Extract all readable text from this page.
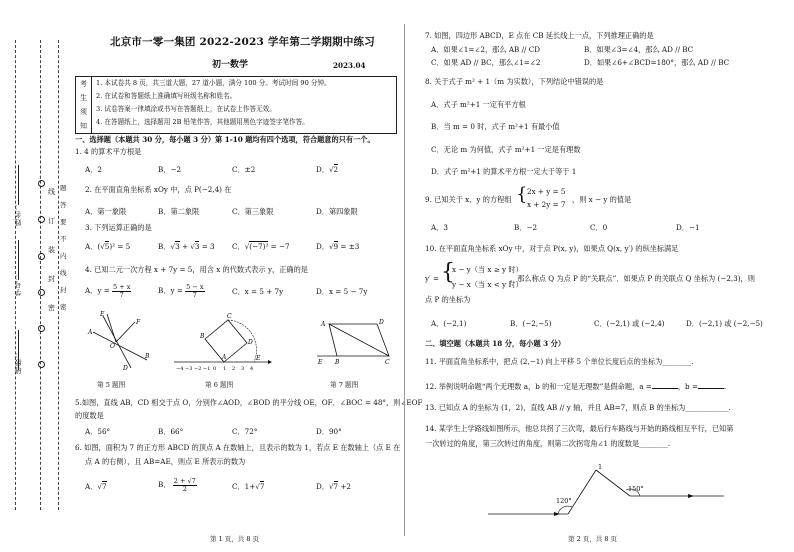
班级：
学号：
姓名：
线
订
装
封
密
题
答
要
不
内
线
封
密
北京市一零一集团 2022-2023 学年第二学期期中练习
初一数学	2023.04
考
生
须
知
1. 本试卷共 8 页，共三道大题，27 道小题，满分 100 分。考试时间 90 分钟。
2. 在试卷和答题纸上准确填写班级名称和姓名。
3. 试卷答案一律填涂或书写在答题纸上，在试卷上作答无效。
4. 在答题纸上，选择题用 2B 铅笔作答，其他题用黑色字迹签字笔作答。
一、选择题（本题共 30 分，每小题 3 分）第 1-10 题均有四个选项，符合题意的只有一个。
1. 4 的算术平方根是
A．2	B．−2	C．±2	D．√2
2. 在平面直角坐标系 xOy 中，点 P(−2,4) 在
A．第一象限	B．第二象限	C．第三象限	D．第四象限
3. 下列运算正确的是
A．(√5)² = 5	B．√3 + √3 = 3 C．√(−7)² = −7	D．√9 = ±3
4. 已知二元一次方程 x + 7y = 5，用含 x 的代数式表示 y，正确的是
A．$y = \frac{5 + x}{7}$	B．$y = \frac{5 - x}{7}$	C．x = 5 + 7y	D．x = 5 − 7y
E
F
A
O
D
B
第 5 题图
−4 −3 −2 −1 0 1 2 3 4
B
C
D
E
A
第 6 题图
A	D
E B	C
第 7 题图
5.如图，直线 AB，CD 相交于点 O，分别作∠AOD，∠BOD 的平分线 OE，OF．∠BOC = 48°，则∠EOF
的度数是
A．56°	B．66°	C．72°	D．90°
6. 如图，面积为 7 的正方形 ABCD 的顶点 A 在数轴上，且表示的数为 1，若点 E 在数轴上（点 E 在
点 A 的右侧），且 AB=AE，则点 E 所表示的数为
A．√7	B． $\frac{2 + √7}{2}$	C．1+√7	D．√7 +2
第 1 页，共 8 页
7. 如图，四边形 ABCD，E 点在 CB 延长线上一点，下列推理正确的是
A．如果∠1=∠2，那么 AB // CD	B．如果∠3=∠4，那么 AD // BC
C．如果 AD // BC，那么∠1=∠2	D．如果∠6+∠BCD=180°，那么 AD // BC
8. 关于式子 m² + 1（m 为实数），下列结论中错误的是
A．式子 m²+1 一定有平方根
B．当 m = 0 时，式子 m²+1 有最小值
C．无论 m 为何值，式子 m²+1 一定是有理数
D．式子 m²+1 的算术平方根一定大于等于 1
9. 已知关于 x、y 的方程组 { 2x + y = 5
x + 2y = 7
，则 x − y 的值是
A．3	B．−2	C．0	D．−1
10. 在平面直角坐标系 xOy 中，对于点 P(x, y)，如果点 Q(x, y′) 的纵坐标满足
y′ = {
x − y（当 x ≥ y 时）
y − x（当 x < y 时）
，那么称点 Q 为点 P 的“关联点”．如果点 P 的关联点 Q 坐标为 (−2,3)，则
点 P 的坐标为
A．(−2,1)	B．(−2,−5)	C．(−2,1) 或 (−2,4)	D．(−2,1) 或 (−2,−5)
二、填空题（本题共 18 分，每小题 3 分）
11. 平面直角坐标系中，把点 (2,−1) 向上平移 5 个单位长度后点的坐标为________.
12. 举例说明命题“两个无理数 a，b 的和一定是无理数”是假命题，a =	，b =	.
13. 已知点 A 的坐标为 (1，2)，直线 AB // y 轴，并且 AB=7，则点 B 的坐标为____________.
14. 某学生上学路线如图所示，他总共拐了三次弯，最后行车路线与开始的路线相互平行，已知第
一次转过的角度，第三次转过的角度，则第二次拐弯角∠1 的度数是________.
120°
1
150°
第 2 页，共 8 页
